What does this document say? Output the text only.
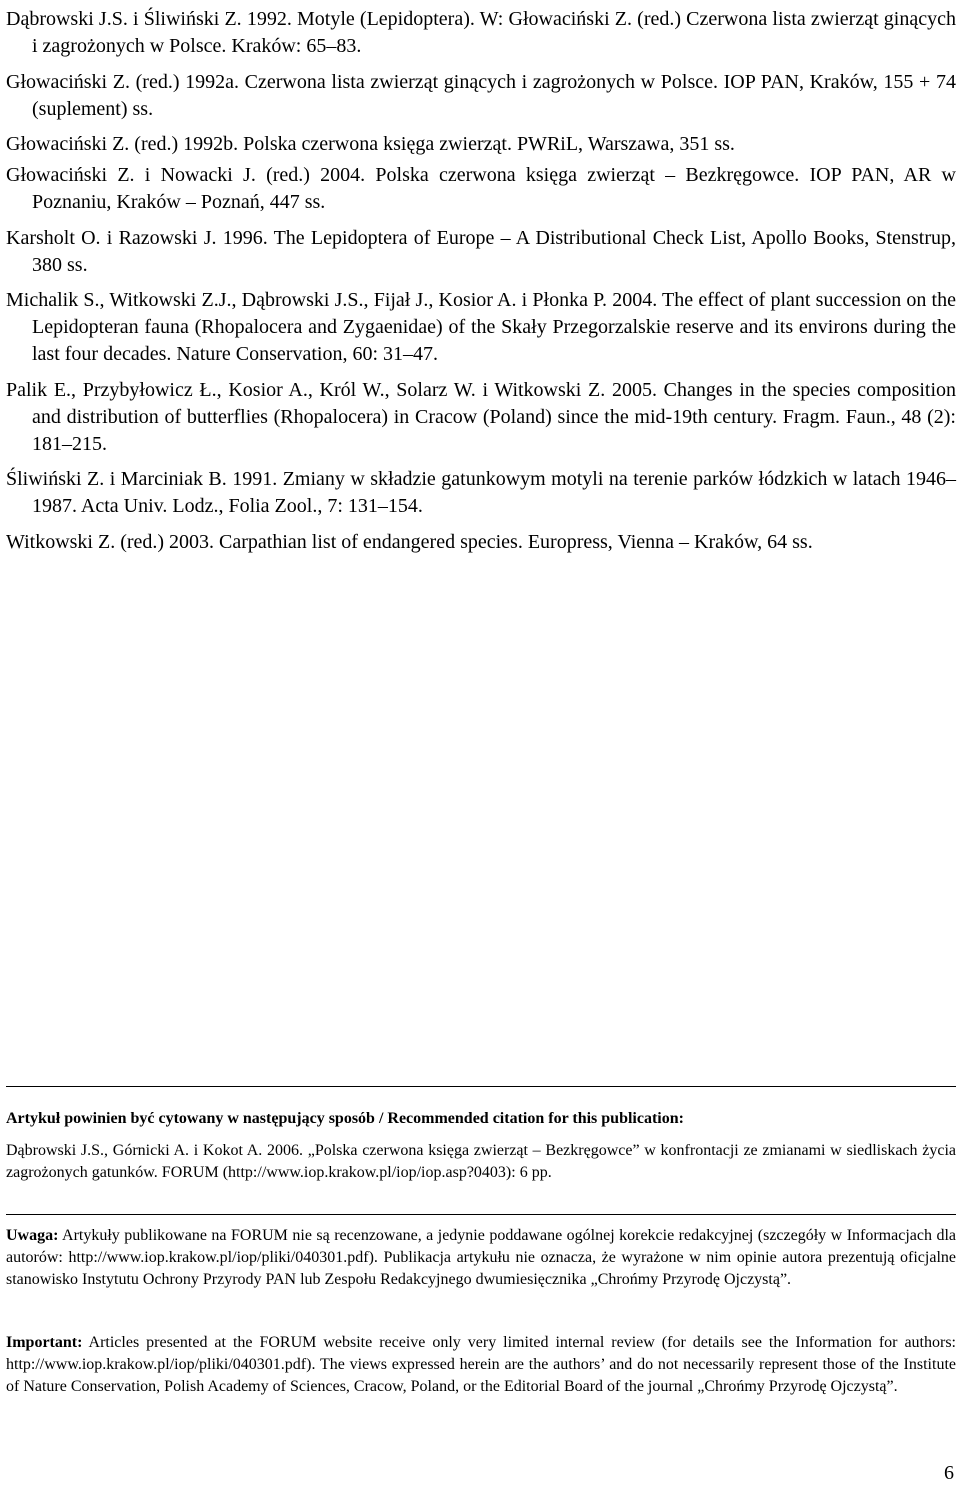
Dąbrowski J.S. i Śliwiński Z. 1992. Motyle (Lepidoptera). W: Głowaciński Z. (red.) Czerwona lista zwierząt ginących i zagrożonych w Polsce. Kraków: 65–83.

Głowaciński Z. (red.) 1992a. Czerwona lista zwierząt ginących i zagrożonych w Polsce. IOP PAN, Kraków, 155 + 74 (suplement) ss.

Głowaciński Z. (red.) 1992b. Polska czerwona księga zwierząt. PWRiL, Warszawa, 351 ss.

Głowaciński Z. i Nowacki J. (red.) 2004. Polska czerwona księga zwierząt – Bezkręgowce. IOP PAN, AR w Poznaniu, Kraków – Poznań, 447 ss.

Karsholt O. i Razowski J. 1996. The Lepidoptera of Europe – A Distributional Check List, Apollo Books, Stenstrup, 380 ss.

Michalik S., Witkowski Z.J., Dąbrowski J.S., Fijał J., Kosior A. i Płonka P. 2004. The effect of plant succession on the Lepidopteran fauna (Rhopalocera and Zygaenidae) of the Skały Przegorzalskie reserve and its environs during the last four decades. Nature Conservation, 60: 31–47.

Palik E., Przybyłowicz Ł., Kosior A., Król W., Solarz W. i Witkowski Z. 2005. Changes in the species composition and distribution of butterflies (Rhopalocera) in Cracow (Poland) since the mid-19th century. Fragm. Faun., 48 (2): 181–215.

Śliwiński Z. i Marciniak B. 1991. Zmiany w składzie gatunkowym motyli na terenie parków łódzkich w latach 1946–1987. Acta Univ. Lodz., Folia Zool., 7: 131–154.

Witkowski Z. (red.) 2003. Carpathian list of endangered species. Europress, Vienna – Kraków, 64 ss.

Artykuł powinien być cytowany w następujący sposób / Recommended citation for this publication:
Dąbrowski J.S., Górnicki A. i Kokot A. 2006. „Polska czerwona księga zwierząt – Bezkręgowce” w konfrontacji ze zmianami w siedliskach życia zagrożonych gatunków. FORUM (http://www.iop.krakow.pl/iop/iop.asp?0403): 6 pp.

Uwaga: Artykuły publikowane na FORUM nie są recenzowane, a jedynie poddawane ogólnej korekcie redakcyjnej (szczegóły w Informacjach dla autorów: http://www.iop.krakow.pl/iop/pliki/040301.pdf). Publikacja artykułu nie oznacza, że wyrażone w nim opinie autora prezentują oficjalne stanowisko Instytutu Ochrony Przyrody PAN lub Zespołu Redakcyjnego dwumiesięcznika „Chrońmy Przyrodę Ojczystą”.

Important: Articles presented at the FORUM website receive only very limited internal review (for details see the Information for authors: http://www.iop.krakow.pl/iop/pliki/040301.pdf). The views expressed herein are the authors’ and do not necessarily represent those of the Institute of Nature Conservation, Polish Academy of Sciences, Cracow, Poland, or the Editorial Board of the journal „Chrońmy Przyrodę Ojczystą”.

6
